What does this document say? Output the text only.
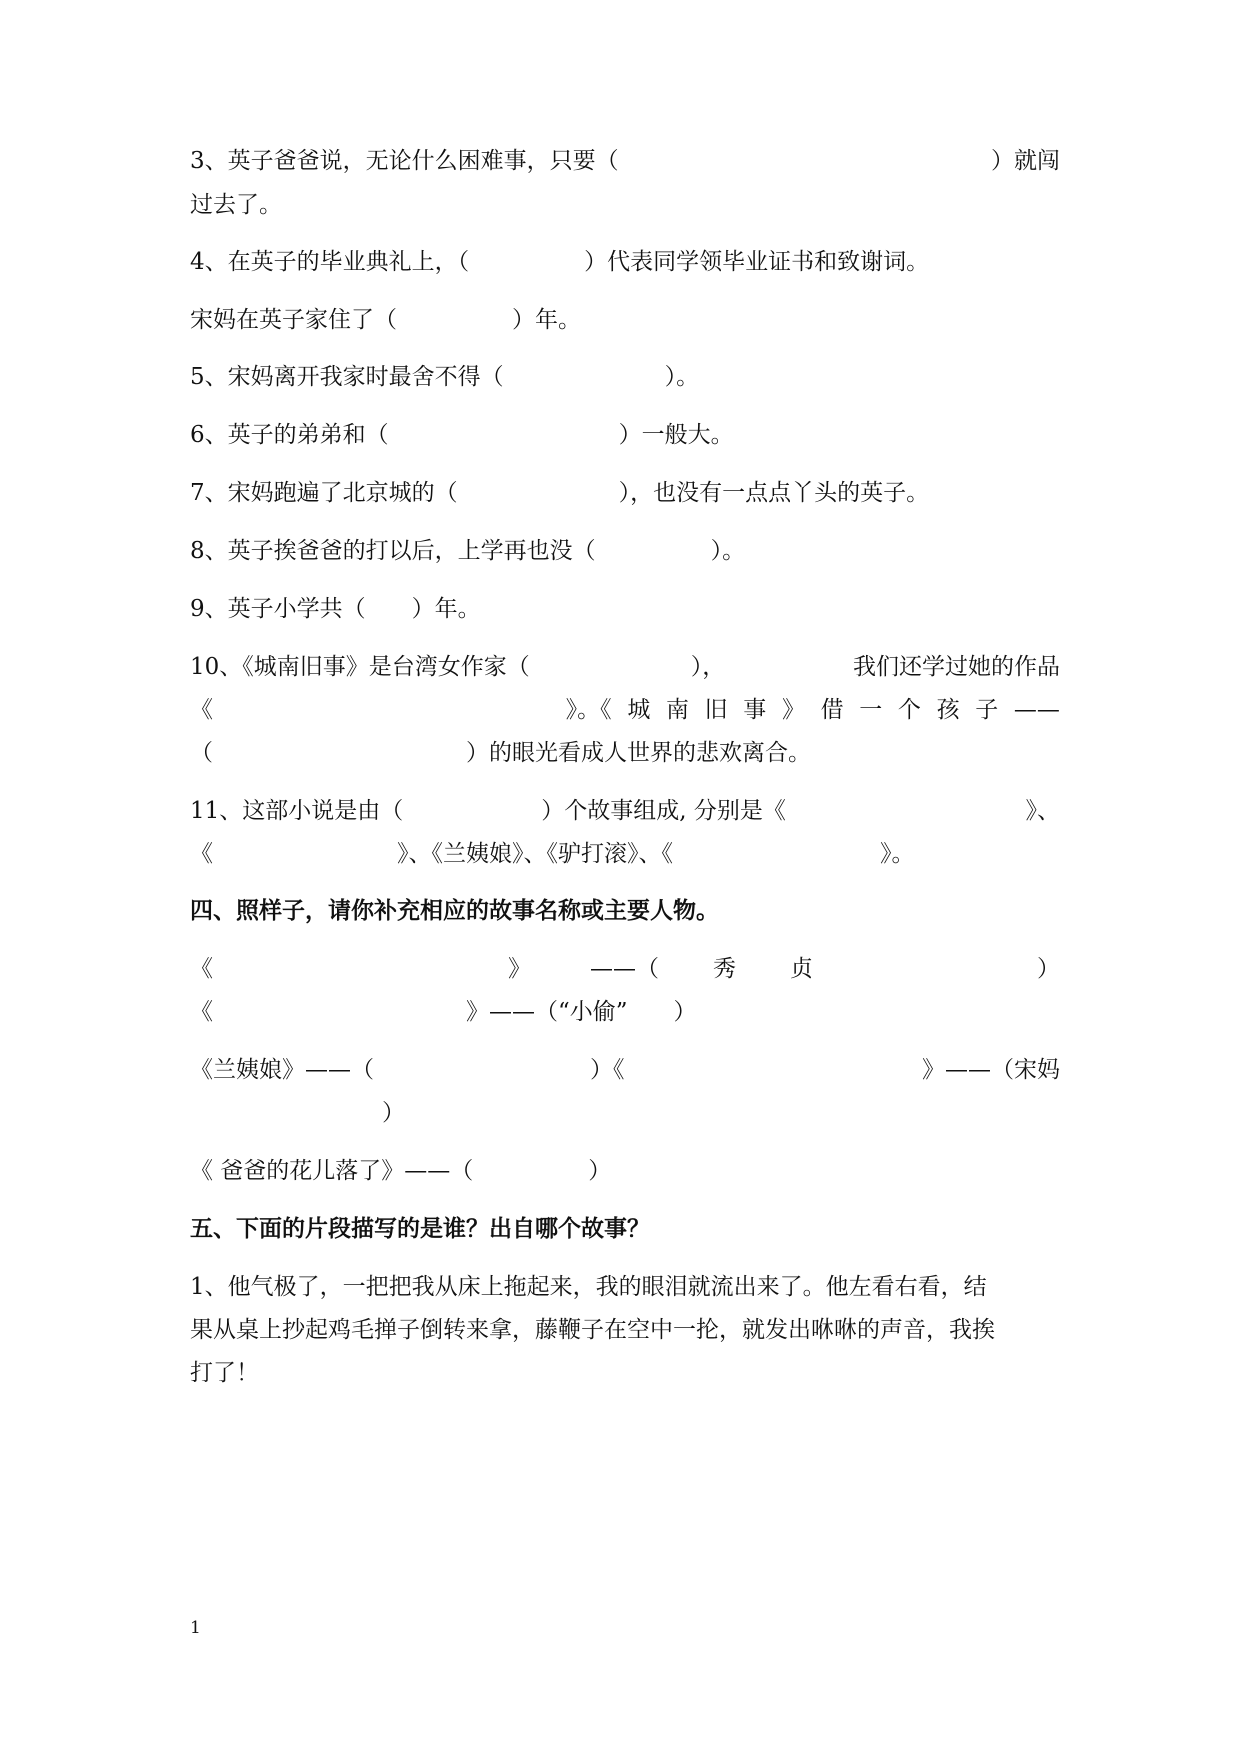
3、英子爸爸说，无论什么困难事，只要（	）就闯
过去了。
4、在英子的毕业典礼上，（　　　　　）代表同学领毕业证书和致谢词。
宋妈在英子家住了（　　　　　）年。
5、宋妈离开我家时最舍不得（　　　　　　　）。
6、英子的弟弟和（　　　　　　　　　　）一般大。
7、宋妈跑遍了北京城的（　　　　　　　），也没有一点点丫头的英子。
8、英子挨爸爸的打以后，上学再也没（　　　　　）。
9、英子小学共（　　）年。
10、《城南旧事》是台湾女作家（　　　　　　　），	我们还学过她的作品
《	》。《 城 南 旧 事 》 借 一 个 孩 子 ——
（　　　　　　　　　　　）的眼光看成人世界的悲欢离合。
11、这部小说是由（　　　　　　）个故事组成, 分别是《	》、
《　　　　　　　　》、《兰姨娘》、《驴打滚》、《　　　　　　　　　》。
四、照样子，请你补充相应的故事名称或主要人物。
《	》	——（ 秀 贞	）
《　　　　　　　　　　　》——（“小偷”　　）
《兰姨娘》——（	）《	》——（宋妈
）
《 爸爸的花儿落了》——（　　　　　）
五、下面的片段描写的是谁？出自哪个故事？
1、他气极了，一把把我从床上拖起来，我的眼泪就流出来了。他左看右看，结
果从桌上抄起鸡毛掸子倒转来拿，藤鞭子在空中一抡，就发出咻咻的声音，我挨
打了！
1
